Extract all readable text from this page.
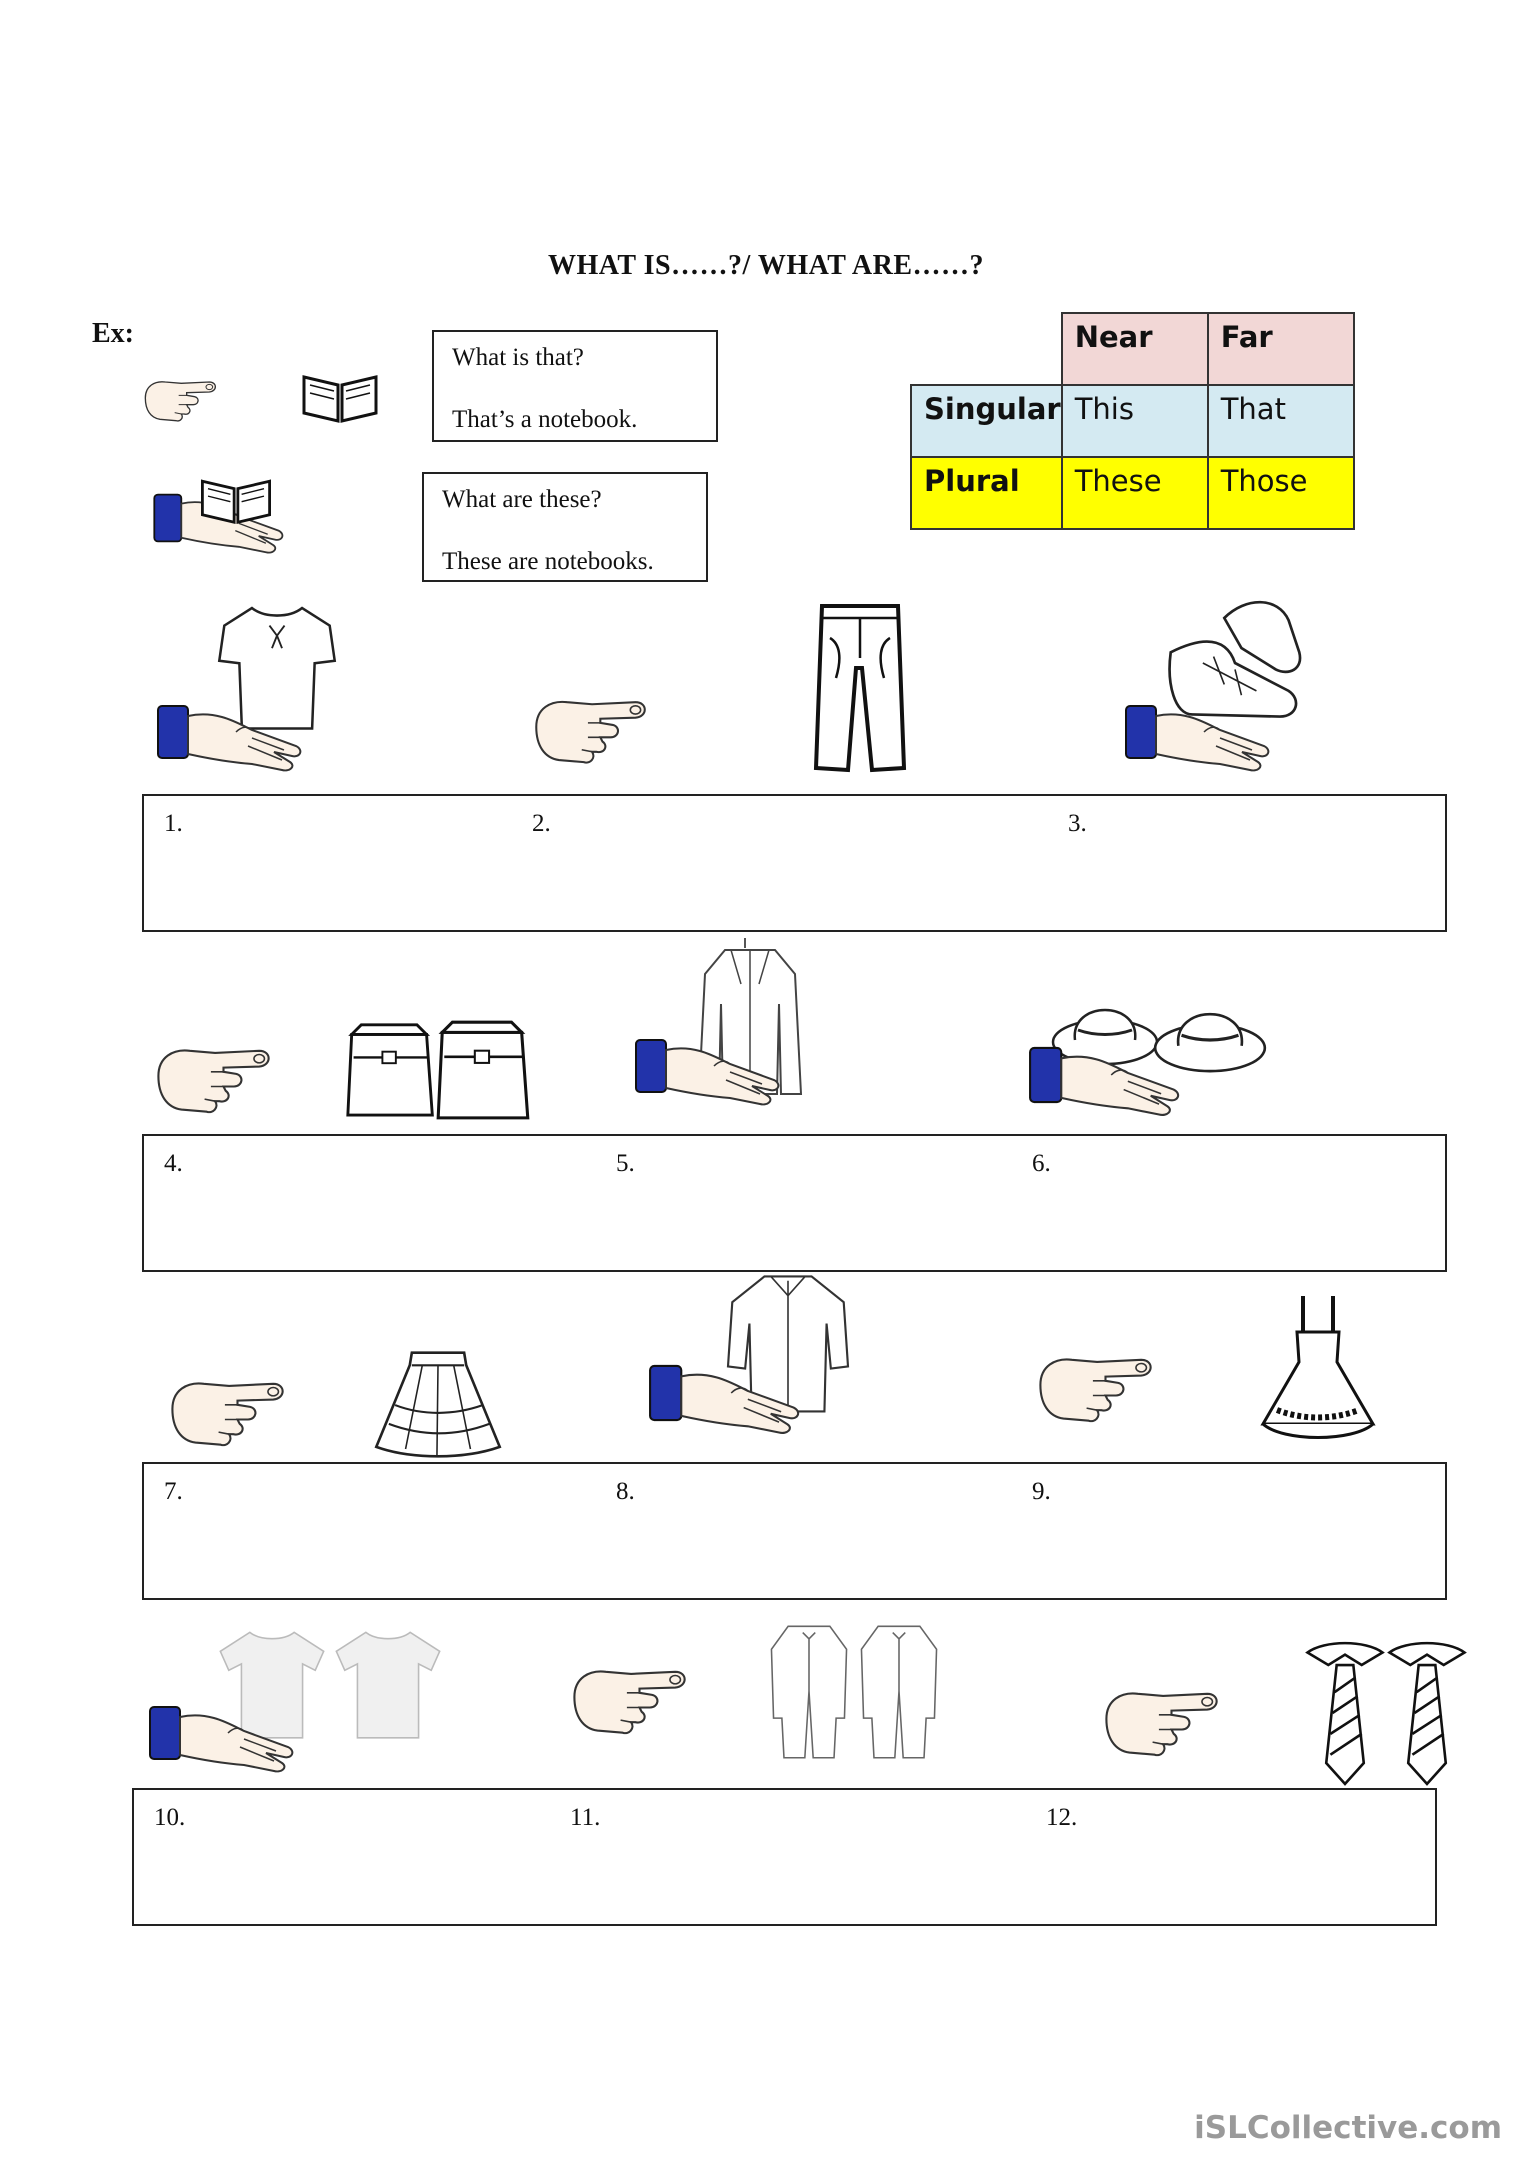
WHAT IS……?/ WHAT ARE……?
Ex:
What is that?
That’s a notebook.
What are these?
These are notebooks.
	Near	Far
Singular	This	That
Plural	These	Those
1.	2.	3.
4.	5.	6.
7.	8.	9.
10.	11.	12.
iSLCollective.com
